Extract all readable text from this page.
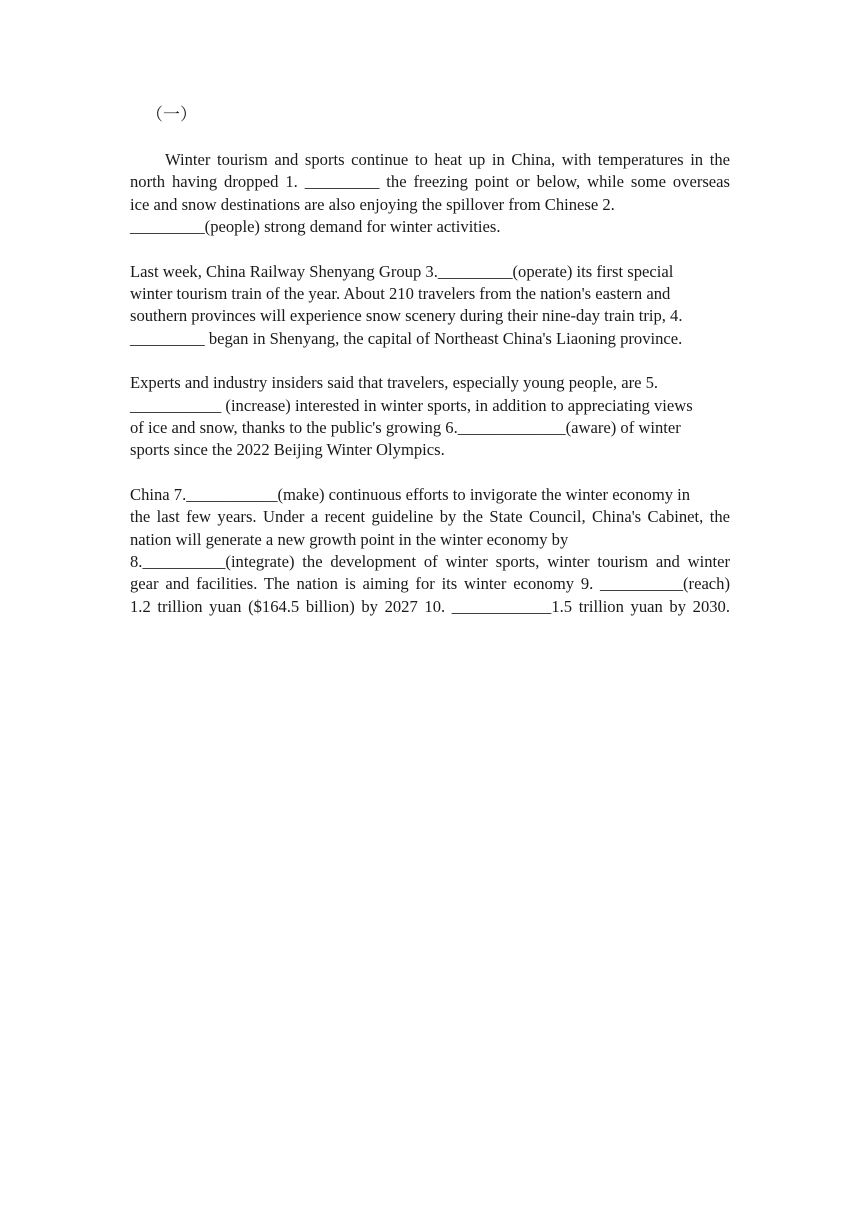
（一）
Winter tourism and sports continue to heat up in China, with temperatures in the
north having dropped 1. _________ the freezing point or below, while some overseas
ice and snow destinations are also enjoying the spillover from Chinese 2.
_________(people) strong demand for winter activities.
Last week, China Railway Shenyang Group 3._________(operate) its first special
winter tourism train of the year. About 210 travelers from the nation's eastern and
southern provinces will experience snow scenery during their nine-day train trip, 4.
_________ began in Shenyang, the capital of Northeast China's Liaoning province.
Experts and industry insiders said that travelers, especially young people, are 5.
___________ (increase) interested in winter sports, in addition to appreciating views
of ice and snow, thanks to the public's growing 6._____________(aware) of winter
sports since the 2022 Beijing Winter Olympics.
China 7.___________(make) continuous efforts to invigorate the winter economy in
the last few years. Under a recent guideline by the State Council, China's Cabinet, the
nation will generate a new growth point in the winter economy by
8.__________(integrate) the development of winter sports, winter tourism and winter
gear and facilities. The nation is aiming for its winter economy 9. __________(reach)
1.2 trillion yuan ($164.5 billion) by 2027 10. ____________1.5 trillion yuan by 2030.
